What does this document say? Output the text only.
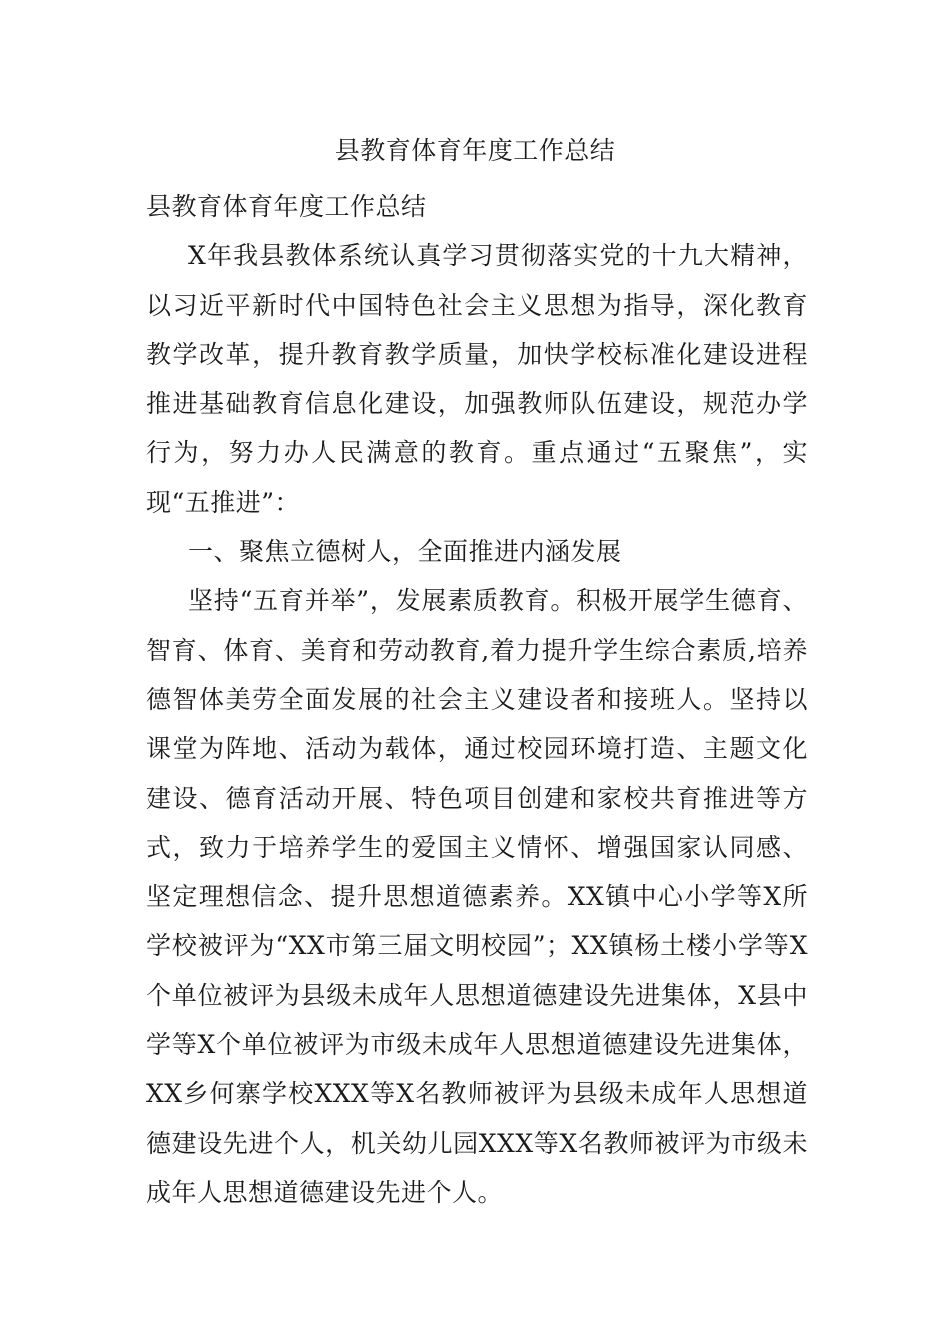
县教育体育年度工作总结

县教育体育年度工作总结

X年我县教体系统认真学习贯彻落实党的十九大精神，以习近平新时代中国特色社会主义思想为指导，深化教育教学改革，提升教育教学质量，加快学校标准化建设进程推进基础教育信息化建设，加强教师队伍建设，规范办学行为，努力办人民满意的教育。重点通过“五聚焦”，实现“五推进”：

一、聚焦立德树人，全面推进内涵发展

坚持“五育并举”，发展素质教育。积极开展学生德育、智育、体育、美育和劳动教育,着力提升学生综合素质,培养德智体美劳全面发展的社会主义建设者和接班人。坚持以课堂为阵地、活动为载体，通过校园环境打造、主题文化建设、德育活动开展、特色项目创建和家校共育推进等方式，致力于培养学生的爱国主义情怀、增强国家认同感、坚定理想信念、提升思想道德素养。XX镇中心小学等X所学校被评为“XX市第三届文明校园”；XX镇杨土楼小学等X个单位被评为县级未成年人思想道德建设先进集体，X县中学等X个单位被评为市级未成年人思想道德建设先进集体，XX乡何寨学校XXX等X名教师被评为县级未成年人思想道德建设先进个人，机关幼儿园XXX等X名教师被评为市级未成年人思想道德建设先进个人。
